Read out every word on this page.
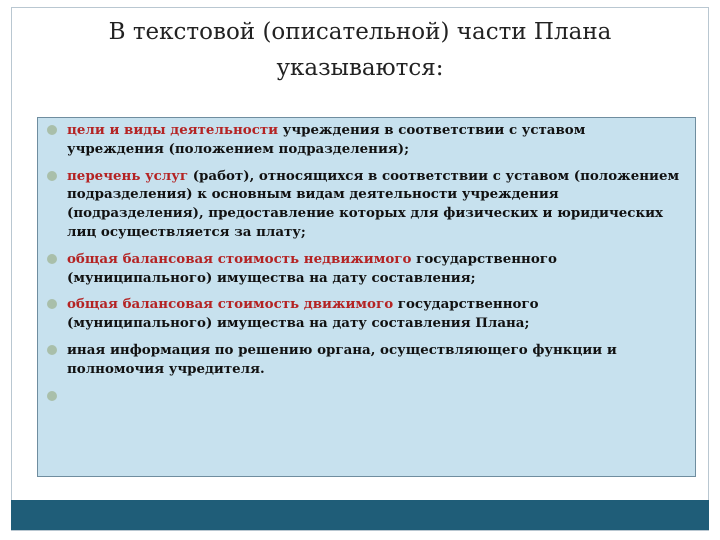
В текстовой (описательной) части Плана
указываются:
цели и виды деятельности учреждения в соответствии с уставом учреждения (положением подразделения);
перечень услуг (работ), относящихся в соответствии с уставом (положением подразделения) к основным видам деятельности учреждения (подразделения), предоставление которых для физических и юридических лиц осуществляется за плату;
общая балансовая стоимость недвижимого государственного (муниципального) имущества на дату составления;
общая балансовая стоимость движимого государственного (муниципального) имущества на дату составления Плана;
иная информация по решению органа, осуществляющего функции и полномочия учредителя.
